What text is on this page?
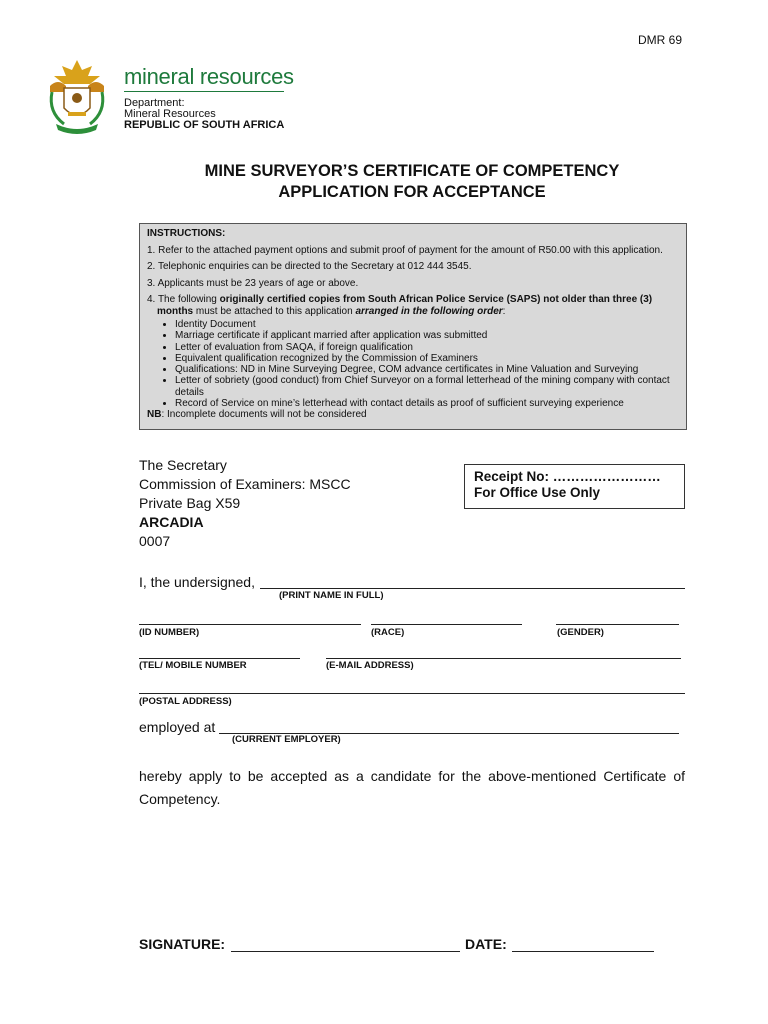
DMR 69
mineral resources
Department:
Mineral Resources
REPUBLIC OF SOUTH AFRICA
MINE SURVEYOR’S CERTIFICATE OF COMPETENCY
APPLICATION FOR ACCEPTANCE
INSTRUCTIONS:

1. Refer to the attached payment options and submit proof of payment for the amount of R50.00 with this application.

2. Telephonic enquiries can be directed to the Secretary at 012 444 3545.

3. Applicants must be 23 years of age or above.

4. The following originally certified copies from South African Police Service (SAPS) not older than three (3)
months must be attached to this application arranged in the following order:

• Identity Document
• Marriage certificate if applicant married after application was submitted
• Letter of evaluation from SAQA, if foreign qualification
• Equivalent qualification recognized by the Commission of Examiners
• Qualifications: ND in Mine Surveying Degree, COM advance certificates in Mine Valuation and Surveying
• Letter of sobriety (good conduct) from Chief Surveyor on a formal letterhead of the mining company with contact details
• Record of Service on mine’s letterhead with contact details as proof of sufficient surveying experience
NB: Incomplete documents will not be considered
The Secretary
Commission of Examiners: MSCC
Private Bag X59
ARCADIA
0007
Receipt No: ……………………
For Office Use Only
I, the undersigned,
(PRINT NAME IN FULL)
(ID NUMBER)	(RACE)	(GENDER)
(TEL/ MOBILE NUMBER	(E-MAIL ADDRESS)
(POSTAL ADDRESS)
employed at
(CURRENT EMPLOYER)
hereby apply to be accepted as a candidate for the above-mentioned Certificate of Competency.
SIGNATURE:	DATE:
